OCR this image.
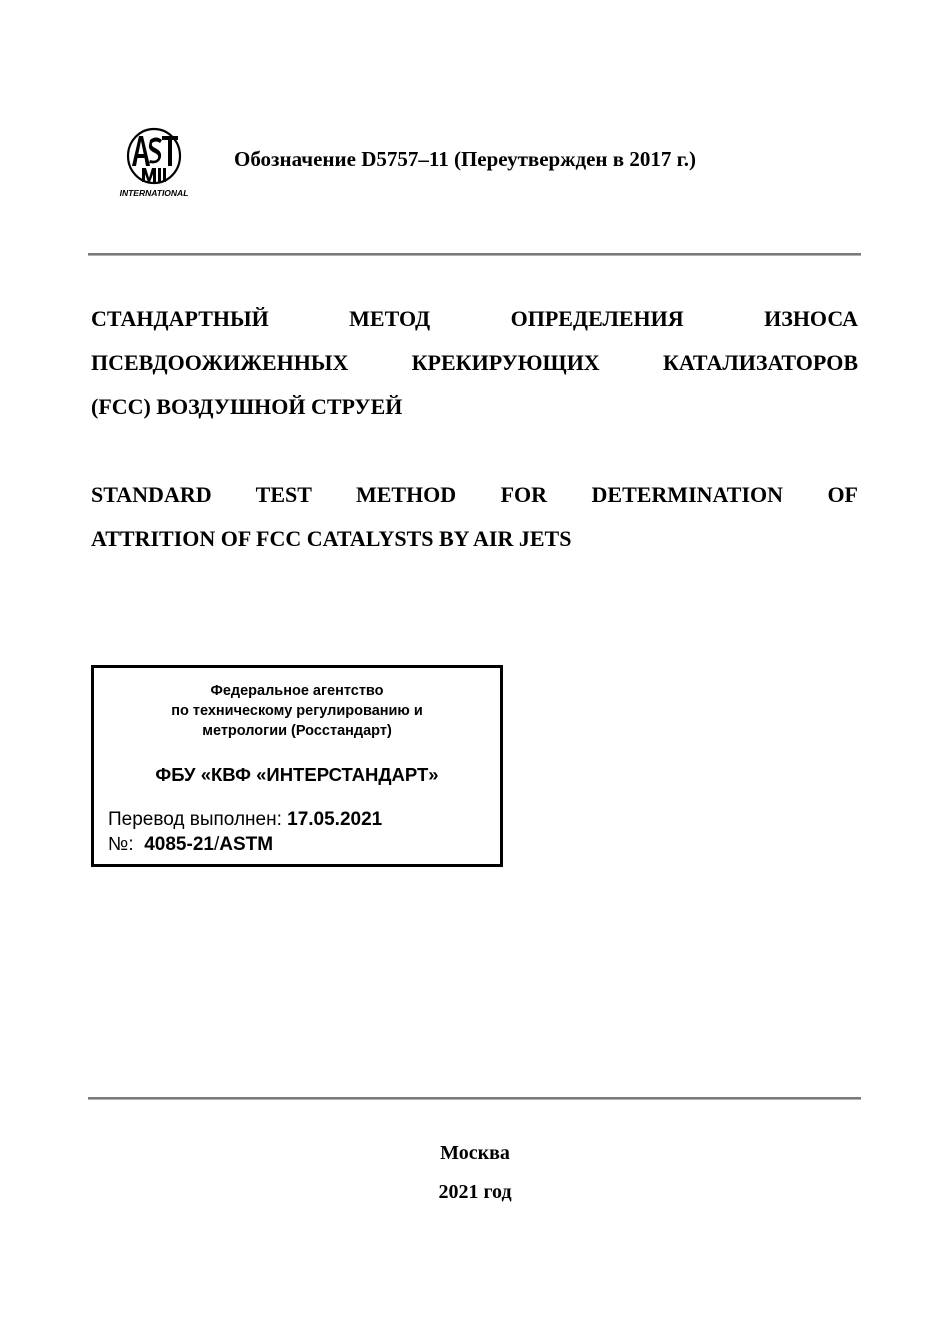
INTERNATIONAL
Обозначение D5757–11 (Переутвержден в 2017 г.)
СТАНДАРТНЫЙ МЕТОД ОПРЕДЕЛЕНИЯ ИЗНОСА
ПСЕВДООЖИЖЕННЫХ КРЕКИРУЮЩИХ КАТАЛИЗАТОРОВ
(FCC) ВОЗДУШНОЙ СТРУЕЙ
STANDARD TEST METHOD FOR DETERMINATION OF
ATTRITION OF FCC CATALYSTS BY AIR JETS
Федеральное агентство
по техническому регулированию и
метрологии (Росстандарт)
ФБУ «КВФ «ИНТЕРСТАНДАРТ»
Перевод выполнен: 17.05.2021
№: 4085-21/ASTM
Москва
2021 год
